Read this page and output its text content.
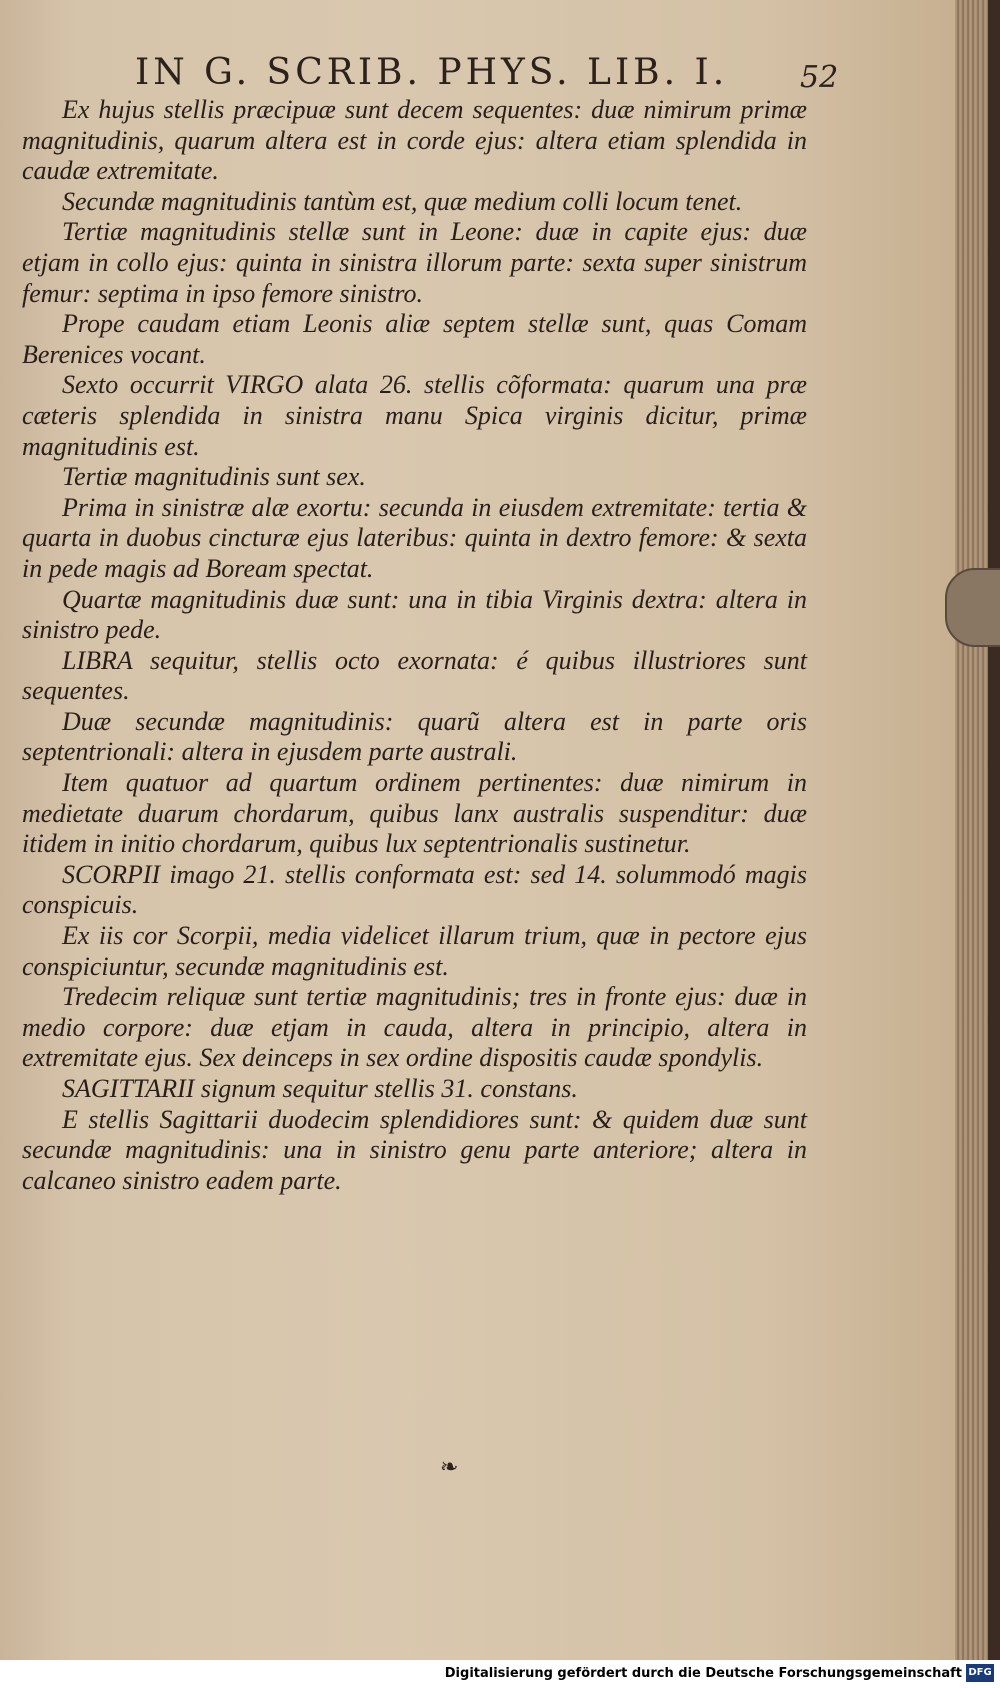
IN G. SCRIB. PHYS. LIB. I.	52

Ex hujus stellis præcipuæ sunt decem sequentes: duæ nimirum primæ magnitudinis, quarum altera est in corde ejus: altera etiam splendida in caudæ extremitate.

Secundæ magnitudinis tantùm est, quæ medium colli locum tenet.

Tertiæ magnitudinis stellæ sunt in Leone: duæ in capite ejus: duæ etjam in collo ejus: quinta in sinistra illorum parte: sexta super sinistrum femur: septima in ipso femore sinistro.

Prope caudam etiam Leonis aliæ septem stellæ sunt, quas Comam Berenices vocant.

Sexto occurrit VIRGO alata 26. stellis cõformata: quarum una præ cæteris splendida in sinistra manu Spica virginis dicitur, primæ magnitudinis est.

Tertiæ magnitudinis sunt sex.

Prima in sinistræ alæ exortu: secunda in eiusdem extremitate: tertia & quarta in duobus cincturæ ejus lateribus: quinta in dextro femore: & sexta in pede magis ad Boream spectat.

Quartæ magnitudinis duæ sunt: una in tibia Virginis dextra: altera in sinistro pede.

LIBRA sequitur, stellis octo exornata: é quibus illustriores sunt sequentes.

Duæ secundæ magnitudinis: quarũ altera est in parte oris septentrionali: altera in ejusdem parte australi.

Item quatuor ad quartum ordinem pertinentes: duæ nimirum in medietate duarum chordarum, quibus lanx australis suspenditur: duæ itidem in initio chordarum, quibus lux septentrionalis sustinetur.

SCORPII imago 21. stellis conformata est: sed 14. solummodó magis conspicuis.

Ex iis cor Scorpii, media videlicet illarum trium, quæ in pectore ejus conspiciuntur, secundæ magnitudinis est.

Tredecim reliquæ sunt tertiæ magnitudinis; tres in fronte ejus: duæ in medio corpore: duæ etjam in cauda, altera in principio, altera in extremitate ejus. Sex deinceps in sex ordine dispositis caudæ spondylis.

SAGITTARII signum sequitur stellis 31. constans.

E stellis Sagittarii duodecim splendidiores sunt: & quidem duæ sunt secundæ magnitudinis: una in sinistro genu parte anteriore; altera in calcaneo sinistro eadem parte.

❧
Digitalisierung gefördert durch die Deutsche Forschungsgemeinschaft DFG
